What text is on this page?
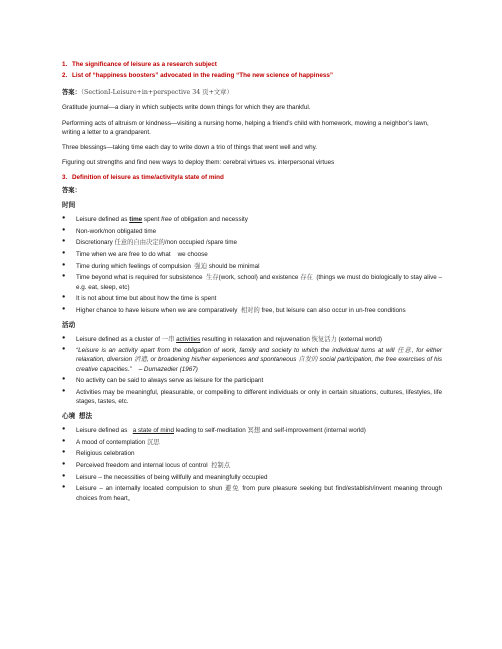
1. The significance of leisure as a research subject
2. List of “happiness boosters” advocated in the reading “The new science of happiness”
答案：（SectionI-Leisure+in+perspective 34 页+文章）

Gratitude journal—a diary in which subjects write down things for which they are thankful.

Performing acts of altruism or kindness—visiting a nursing home, helping a friend’s child with homework, mowing a neighbor’s lawn, writing a letter to a grandparent.

Three blessings—taking time each day to write down a trio of things that went well and why.

Figuring out strengths and find new ways to deploy them: cerebral virtues vs. interpersonal virtues

3. Definition of leisure as time/activity/a state of mind
答案：
时间
● Leisure defined as time spent free of obligation and necessity
● Non-work/non obligated time
● Discretionary 任意的自由决定的/non occupied /spare time
● Time when we are free to do what    we choose
● Time during which feelings of compulsion  强迫 should be minimal
● Time beyond what is required for subsistence  生存(work, school) and existence 存在  (things we must do biologically to stay alive – e.g. eat, sleep, etc)
● It is not about time but about how the time is spent
● Higher chance to have leisure when we are comparatively  相对的 free, but leisure can also occur in un-free conditions
活动
● Leisure defined as a cluster of 一串 activities resulting in relaxation and rejuvenation 恢复活力 (external world)
● “Leisure is an activity apart from the obligation of work, family and society to which the individual turns at will 任意, for either relaxation, diversion 消遣, or broadening his/her experiences and spontaneous 自发的 social participation, the free exercises of his creative capacities.”    – Dumazedier (1967)
● No activity can be said to always serve as leisure for the participant
● Activities may be meaningful, pleasurable, or compelling to different individuals or only in certain situations, cultures, lifestyles, life stages, tastes, etc.
心境  想法
● Leisure defined as   a state of mind leading to self-meditation 冥想 and self-improvement (internal world)
● A mood of contemplation 沉思
● Religious celebration
● Perceived freedom and internal locus of control  控制点
● Leisure – the necessities of being willfully and meaningfully occupied
● Leisure – an internally located compulsion to shun 避免 from pure pleasure seeking but find/establish/invent meaning through choices from heart。
